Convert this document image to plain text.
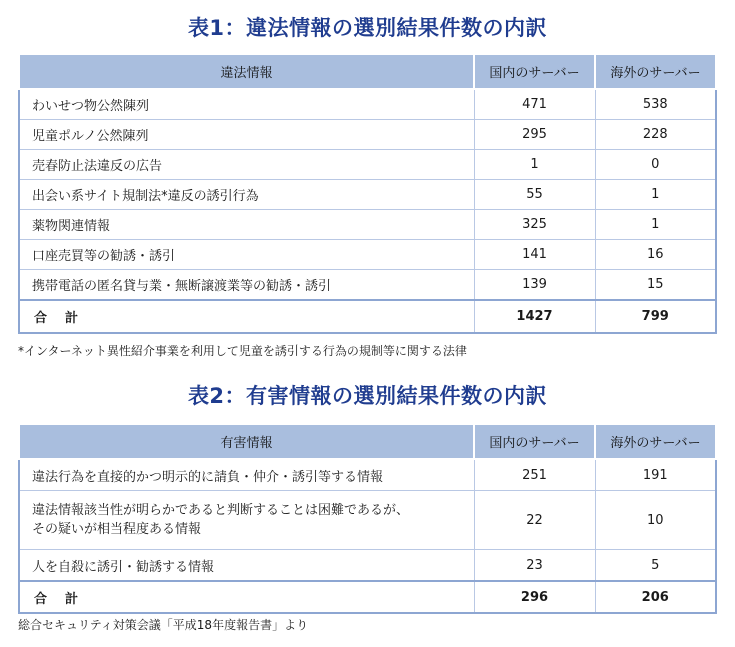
表1：違法情報の選別結果件数の内訳
違法情報	国内のサーバー	海外のサーバー
わいせつ物公然陳列	471	538
児童ポルノ公然陳列	295	228
売春防止法違反の広告	1	0
出会い系サイト規制法*違反の誘引行為	55	1
薬物関連情報	325	1
口座売買等の勧誘・誘引	141	16
携帯電話の匿名貸与業・無断譲渡業等の勧誘・誘引	139	15
合計	1427	799
*インターネット異性紹介事業を利用して児童を誘引する行為の規制等に関する法律
表2：有害情報の選別結果件数の内訳
有害情報	国内のサーバー	海外のサーバー
違法行為を直接的かつ明示的に請負・仲介・誘引等する情報	251	191

違法情報該当性が明らかであると判断することは困難であるが、
その疑いが相当程度ある情報	22	10
人を自殺に誘引・勧誘する情報	23	5
合計	296	206
総合セキュリティ対策会議「平成18年度報告書」より
